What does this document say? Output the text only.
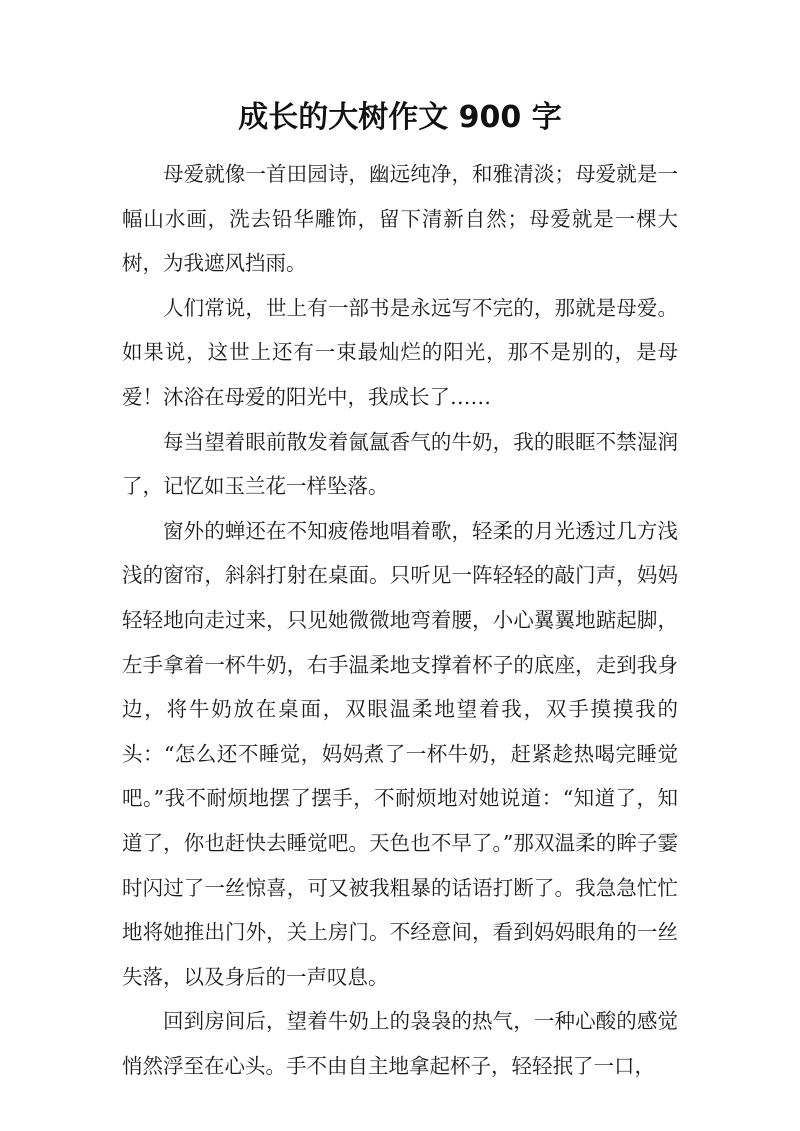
成长的大树作文 900 字

母爱就像一首田园诗，幽远纯净，和雅清淡；母爱就是一幅山水画，洗去铅华雕饰，留下清新自然；母爱就是一棵大树，为我遮风挡雨。

人们常说，世上有一部书是永远写不完的，那就是母爱。如果说，这世上还有一束最灿烂的阳光，那不是别的，是母爱！沐浴在母爱的阳光中，我成长了……

每当望着眼前散发着氤氲香气的牛奶，我的眼眶不禁湿润了，记忆如玉兰花一样坠落。

窗外的蝉还在不知疲倦地唱着歌，轻柔的月光透过几方浅浅的窗帘，斜斜打射在桌面。只听见一阵轻轻的敲门声，妈妈轻轻地向走过来，只见她微微地弯着腰，小心翼翼地踮起脚，左手拿着一杯牛奶，右手温柔地支撑着杯子的底座，走到我身边，将牛奶放在桌面，双眼温柔地望着我，双手摸摸我的头：“怎么还不睡觉，妈妈煮了一杯牛奶，赶紧趁热喝完睡觉吧。”我不耐烦地摆了摆手，不耐烦地对她说道：“知道了，知道了，你也赶快去睡觉吧。天色也不早了。”那双温柔的眸子霎时闪过了一丝惊喜，可又被我粗暴的话语打断了。我急急忙忙地将她推出门外，关上房门。不经意间，看到妈妈眼角的一丝失落，以及身后的一声叹息。

回到房间后，望着牛奶上的袅袅的热气，一种心酸的感觉悄然浮至在心头。手不由自主地拿起杯子，轻轻抿了一口，
